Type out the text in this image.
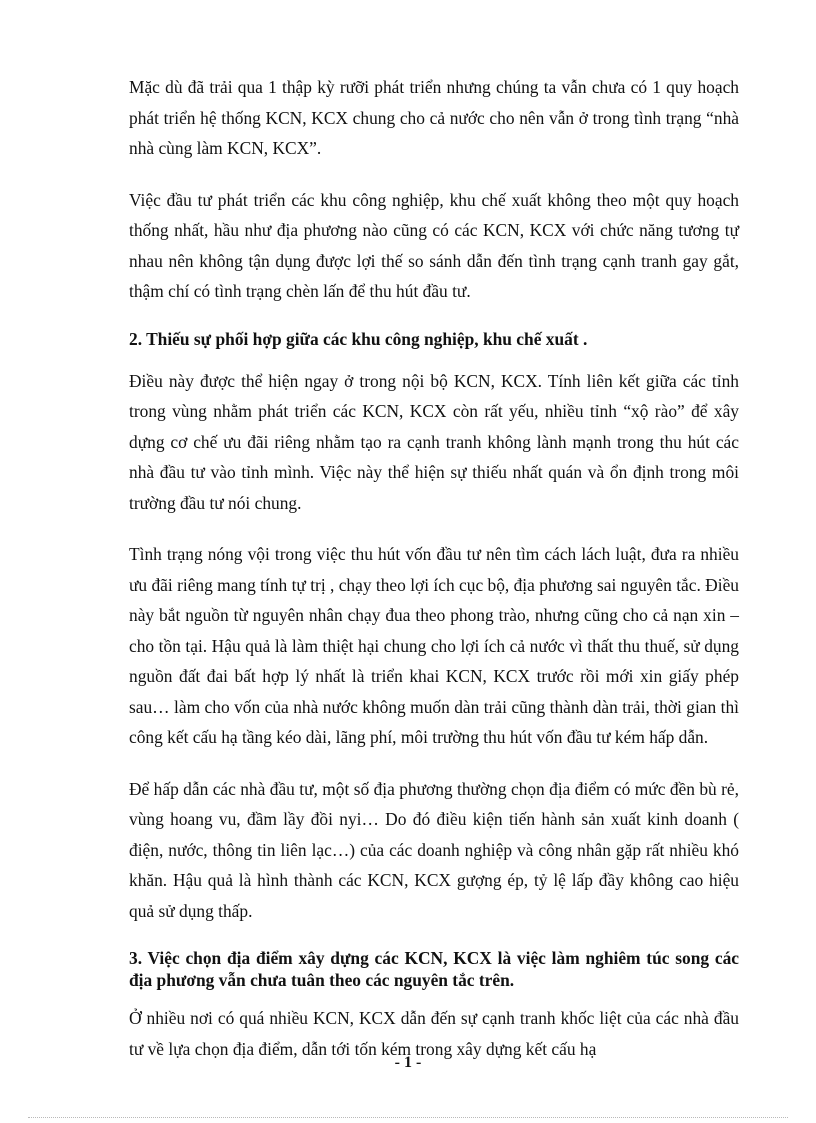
Mặc dù đã trải qua 1 thập kỳ rưỡi phát triển nhưng chúng ta vẫn chưa có 1 quy hoạch phát triển hệ thống KCN, KCX chung cho cả nước cho nên vẫn ở trong tình trạng “nhà nhà cùng làm KCN, KCX”.

Việc đầu tư phát triển các khu công nghiệp, khu chế xuất không theo một quy hoạch thống nhất, hầu như địa phương nào cũng có các KCN, KCX với chức năng tương tự nhau nên không tận dụng được lợi thế so sánh dẫn đến tình trạng cạnh tranh gay gắt, thậm chí có tình trạng chèn lấn để thu hút đầu tư.

2. Thiếu sự phối hợp giữa các khu công nghiệp, khu chế xuất .

Điều này được thể hiện ngay ở trong nội bộ KCN, KCX. Tính liên kết giữa các tỉnh trong vùng nhằm phát triển các KCN, KCX còn rất yếu, nhiều tỉnh “xộ rào” để xây dựng cơ chế ưu đãi riêng nhằm tạo ra cạnh tranh không lành mạnh trong thu hút các nhà đầu tư vào tỉnh mình. Việc này thể hiện sự thiếu nhất quán và ổn định trong môi trường đầu tư nói chung.

Tình trạng nóng vội trong việc thu hút vốn đầu tư nên tìm cách lách luật, đưa ra nhiều ưu đãi riêng mang tính tự trị , chạy theo lợi ích cục bộ, địa phương sai nguyên tắc. Điều này bắt nguồn từ nguyên nhân chạy đua theo phong trào, nhưng cũng cho cả nạn xin – cho tồn tại. Hậu quả là làm thiệt hại chung cho lợi ích cả nước vì thất thu thuế, sử dụng nguồn đất đai bất hợp lý nhất là triển khai KCN, KCX trước rồi mới xin giấy phép sau… làm cho vốn của nhà nước không muốn dàn trải cũng thành dàn trải, thời gian thì công kết cấu hạ tầng kéo dài, lãng phí, môi trường thu hút vốn đầu tư kém hấp dẫn.

Để hấp dẫn các nhà đầu tư, một số địa phương thường chọn địa điểm có mức đền bù rẻ, vùng hoang vu, đầm lầy đồi nyi… Do đó điều kiện tiến hành sản xuất kinh doanh ( điện, nước, thông tin liên lạc…) của các doanh nghiệp và công nhân gặp rất nhiều khó khăn. Hậu quả là hình thành các KCN, KCX gượng ép, tỷ lệ lấp đầy không cao hiệu quả sử dụng thấp.

3. Việc chọn địa điểm xây dựng các KCN, KCX là việc làm nghiêm túc song các địa phương vẫn chưa tuân theo các nguyên tắc trên.

Ở nhiều nơi có quá nhiều KCN, KCX dẫn đến sự cạnh tranh khốc liệt của các nhà đầu tư về lựa chọn địa điểm, dẫn tới tốn kém trong xây dựng kết cấu hạ

- 1 -
